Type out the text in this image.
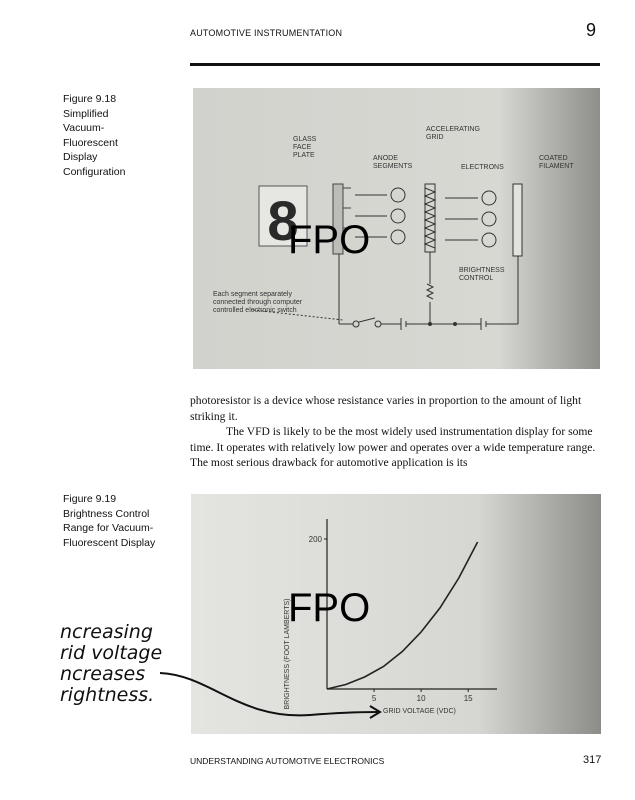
AUTOMOTIVE INSTRUMENTATION	9
Figure 9.18
Simplified
Vacuum-
Fluorescent
Display
Configuration
8
GLASS
FACE
PLATE	ANODE
SEGMENTS
ACCELERATING
GRID
ELECTRONS
COATED
FILAMENT
BRIGHTNESS
CONTROL
Each segment separately
connected through computer
controlled electronic switch
FPO

photoresistor is a device whose resistance varies in proportion to the amount of light striking it.

The VFD is likely to be the most widely used instrumentation display for some time. It operates with relatively low power and operates over a wide temperature range. The most serious drawback for automotive application is its

Figure 9.19
Brightness Control
Range for Vacuum-
Fluorescent Display
5	10	15
200
GRID VOLTAGE (VDC)
BRIGHTNESS (FOOT LAMBERTS)
FPO
ncreasing
rid voltage
ncreases
rightness.
UNDERSTANDING AUTOMOTIVE ELECTRONICS	317
